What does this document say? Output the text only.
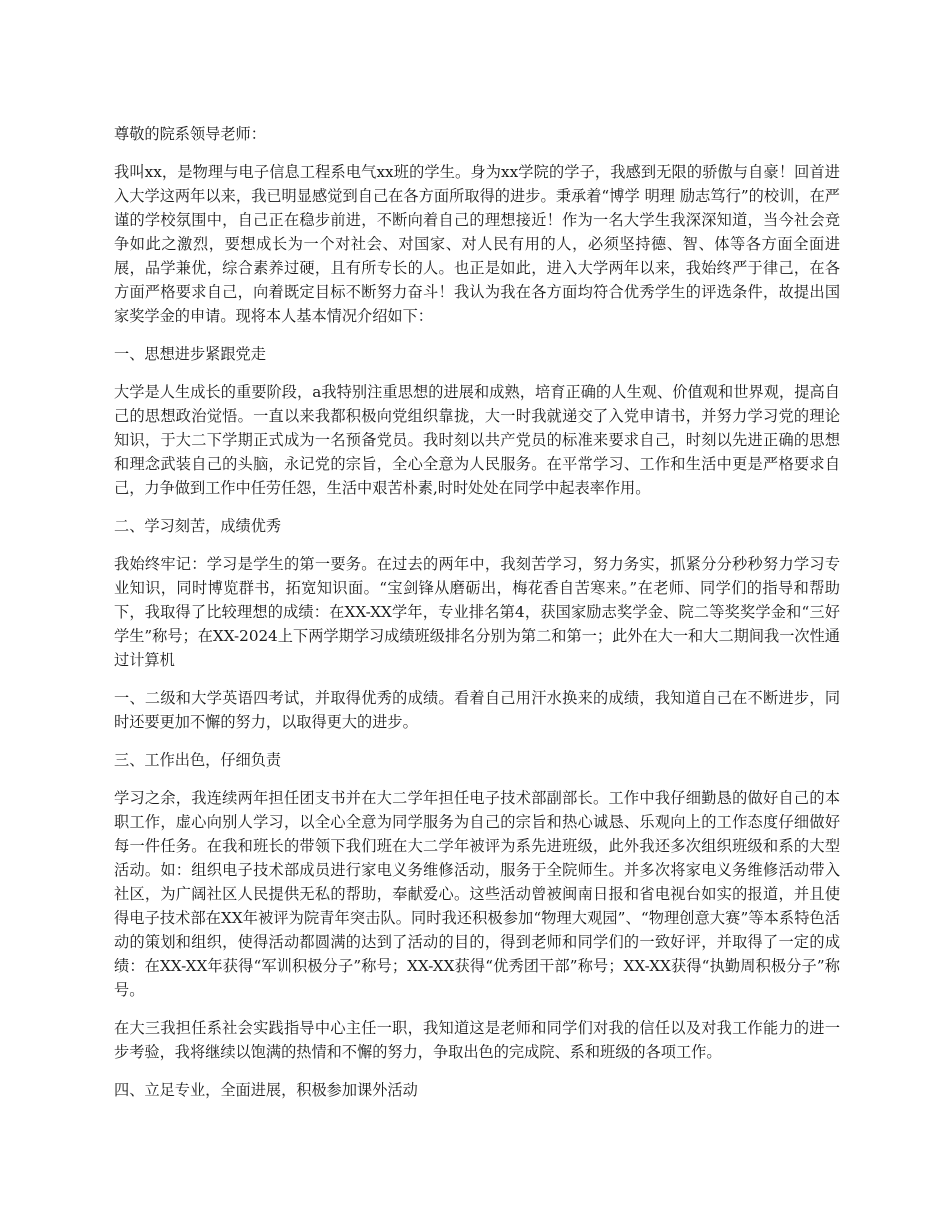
尊敬的院系领导老师：

我叫xx，是物理与电子信息工程系电气xx班的学生。身为xx学院的学子，我感到无限的骄傲与自豪！回首进入大学这两年以来，我已明显感觉到自己在各方面所取得的进步。秉承着“博学 明理 励志笃行”的校训，在严谨的学校氛围中，自己正在稳步前进，不断向着自己的理想接近！作为一名大学生我深深知道，当今社会竞争如此之激烈，要想成长为一个对社会、对国家、对人民有用的人，必须坚持德、智、体等各方面全面进展，品学兼优，综合素养过硬，且有所专长的人。也正是如此，进入大学两年以来，我始终严于律己，在各方面严格要求自己，向着既定目标不断努力奋斗！我认为我在各方面均符合优秀学生的评选条件，故提出国家奖学金的申请。现将本人基本情况介绍如下：

一、思想进步紧跟党走

大学是人生成长的重要阶段，a我特别注重思想的进展和成熟，培育正确的人生观、价值观和世界观，提高自己的思想政治觉悟。一直以来我都积极向党组织靠拢，大一时我就递交了入党申请书，并努力学习党的理论知识，于大二下学期正式成为一名预备党员。我时刻以共产党员的标准来要求自己，时刻以先进正确的思想和理念武装自己的头脑，永记党的宗旨，全心全意为人民服务。在平常学习、工作和生活中更是严格要求自己，力争做到工作中任劳任怨，生活中艰苦朴素,时时处处在同学中起表率作用。

二、学习刻苦，成绩优秀

我始终牢记：学习是学生的第一要务。在过去的两年中，我刻苦学习，努力务实，抓紧分分秒秒努力学习专业知识，同时博览群书，拓宽知识面。“宝剑锋从磨砺出，梅花香自苦寒来。”在老师、同学们的指导和帮助下，我取得了比较理想的成绩：在XX-XX学年，专业排名第4，获国家励志奖学金、院二等奖奖学金和“三好学生”称号；在XX-2024上下两学期学习成绩班级排名分别为第二和第一；此外在大一和大二期间我一次性通过计算机

一、二级和大学英语四考试，并取得优秀的成绩。看着自己用汗水换来的成绩，我知道自己在不断进步，同时还要更加不懈的努力，以取得更大的进步。

三、工作出色，仔细负责

学习之余，我连续两年担任团支书并在大二学年担任电子技术部副部长。工作中我仔细勤恳的做好自己的本职工作，虚心向别人学习，以全心全意为同学服务为自己的宗旨和热心诚恳、乐观向上的工作态度仔细做好每一件任务。在我和班长的带领下我们班在大二学年被评为系先进班级，此外我还多次组织班级和系的大型活动。如：组织电子技术部成员进行家电义务维修活动，服务于全院师生。并多次将家电义务维修活动带入社区，为广阔社区人民提供无私的帮助，奉献爱心。这些活动曾被闽南日报和省电视台如实的报道，并且使得电子技术部在XX年被评为院青年突击队。同时我还积极参加“物理大观园”、“物理创意大赛”等本系特色活动的策划和组织，使得活动都圆满的达到了活动的目的，得到老师和同学们的一致好评，并取得了一定的成绩：在XX-XX年获得“军训积极分子”称号；XX-XX获得“优秀团干部”称号；XX-XX获得“执勤周积极分子”称号。

在大三我担任系社会实践指导中心主任一职，我知道这是老师和同学们对我的信任以及对我工作能力的进一步考验，我将继续以饱满的热情和不懈的努力，争取出色的完成院、系和班级的各项工作。

四、立足专业，全面进展，积极参加课外活动
